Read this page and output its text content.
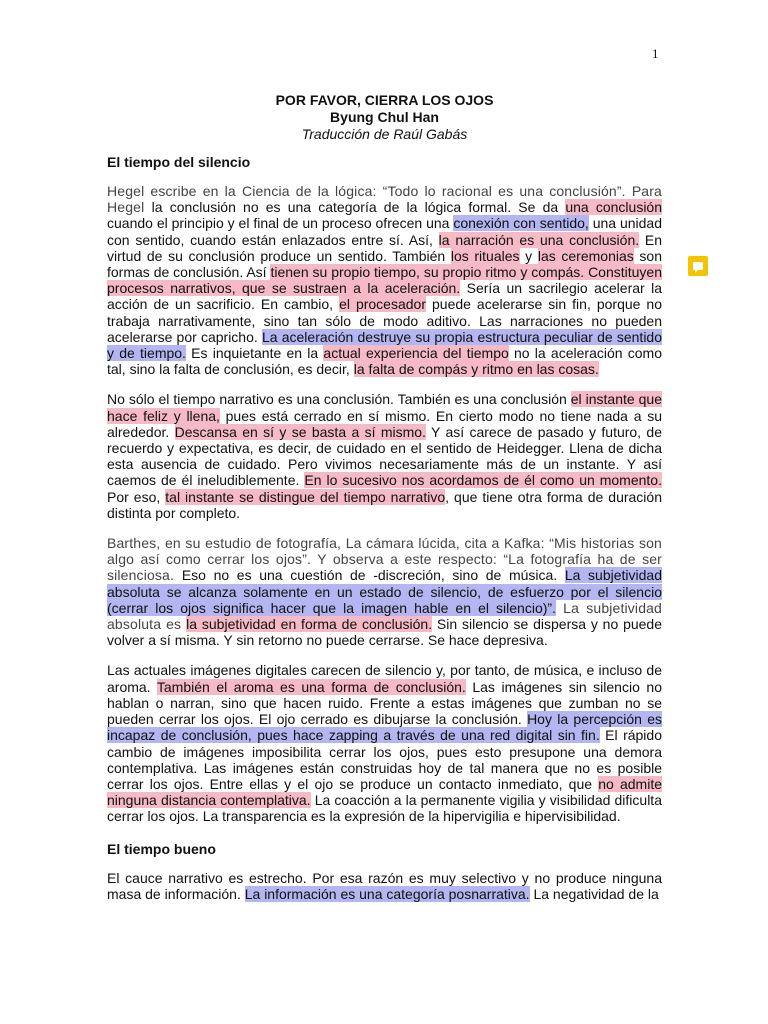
1
POR FAVOR, CIERRA LOS OJOS
Byung Chul Han
Traducción de Raúl Gabás
El tiempo del silencio

Hegel escribe en la Ciencia de la lógica: “Todo lo racional es una conclusión”. Para Hegel la conclusión no es una categoría de la lógica formal. Se da una conclusión cuando el principio y el final de un proceso ofrecen una conexión con sentido, una unidad con sentido, cuando están enlazados entre sí. Así, la narración es una conclusión. En virtud de su conclusión produce un sentido. También los rituales y las ceremonias son formas de conclusión. Así tienen su propio tiempo, su propio ritmo y compás. Constituyen procesos narrativos, que se sustraen a la aceleración. Sería un sacrilegio acelerar la acción de un sacrificio. En cambio, el procesador puede acelerarse sin fin, porque no trabaja narrativamente, sino tan sólo de modo aditivo. Las narraciones no pueden acelerarse por capricho. La aceleración destruye su propia estructura peculiar de sentido y de tiempo. Es inquietante en la actual experiencia del tiempo no la aceleración como tal, sino la falta de conclusión, es decir, la falta de compás y ritmo en las cosas.

No sólo el tiempo narrativo es una conclusión. También es una conclusión el instante que hace feliz y llena, pues está cerrado en sí mismo. En cierto modo no tiene nada a su alrededor. Descansa en sí y se basta a sí mismo. Y así carece de pasado y futuro, de recuerdo y expectativa, es decir, de cuidado en el sentido de Heidegger. Llena de dicha esta ausencia de cuidado. Pero vivimos necesariamente más de un instante. Y así caemos de él ineludiblemente. En lo sucesivo nos acordamos de él como un momento. Por eso, tal instante se distingue del tiempo narrativo, que tiene otra forma de duración distinta por completo.

Barthes, en su estudio de fotografía, La cámara lúcida, cita a Kafka: “Mis historias son algo así como cerrar los ojos”. Y observa a este respecto: “La fotografía ha de ser silenciosa. Eso no es una cuestión de -discreción, sino de música. La subjetividad absoluta se alcanza solamente en un estado de silencio, de esfuerzo por el silencio (cerrar los ojos significa hacer que la imagen hable en el silencio)”. La subjetividad absoluta es la subjetividad en forma de conclusión. Sin silencio se dispersa y no puede volver a sí misma. Y sin retorno no puede cerrarse. Se hace depresiva.

Las actuales imágenes digitales carecen de silencio y, por tanto, de música, e incluso de aroma. También el aroma es una forma de conclusión. Las imágenes sin silencio no hablan o narran, sino que hacen ruido. Frente a estas imágenes que zumban no se pueden cerrar los ojos. El ojo cerrado es dibujarse la conclusión. Hoy la percepción es incapaz de conclusión, pues hace zapping a través de una red digital sin fin. El rápido cambio de imágenes imposibilita cerrar los ojos, pues esto presupone una demora contemplativa. Las imágenes están construidas hoy de tal manera que no es posible cerrar los ojos. Entre ellas y el ojo se produce un contacto inmediato, que no admite ninguna distancia contemplativa. La coacción a la permanente vigilia y visibilidad dificulta cerrar los ojos. La transparencia es la expresión de la hipervigilia e hipervisibilidad.

El tiempo bueno

El cauce narrativo es estrecho. Por esa razón es muy selectivo y no produce ninguna masa de información. La información es una categoría posnarrativa. La negatividad de la
